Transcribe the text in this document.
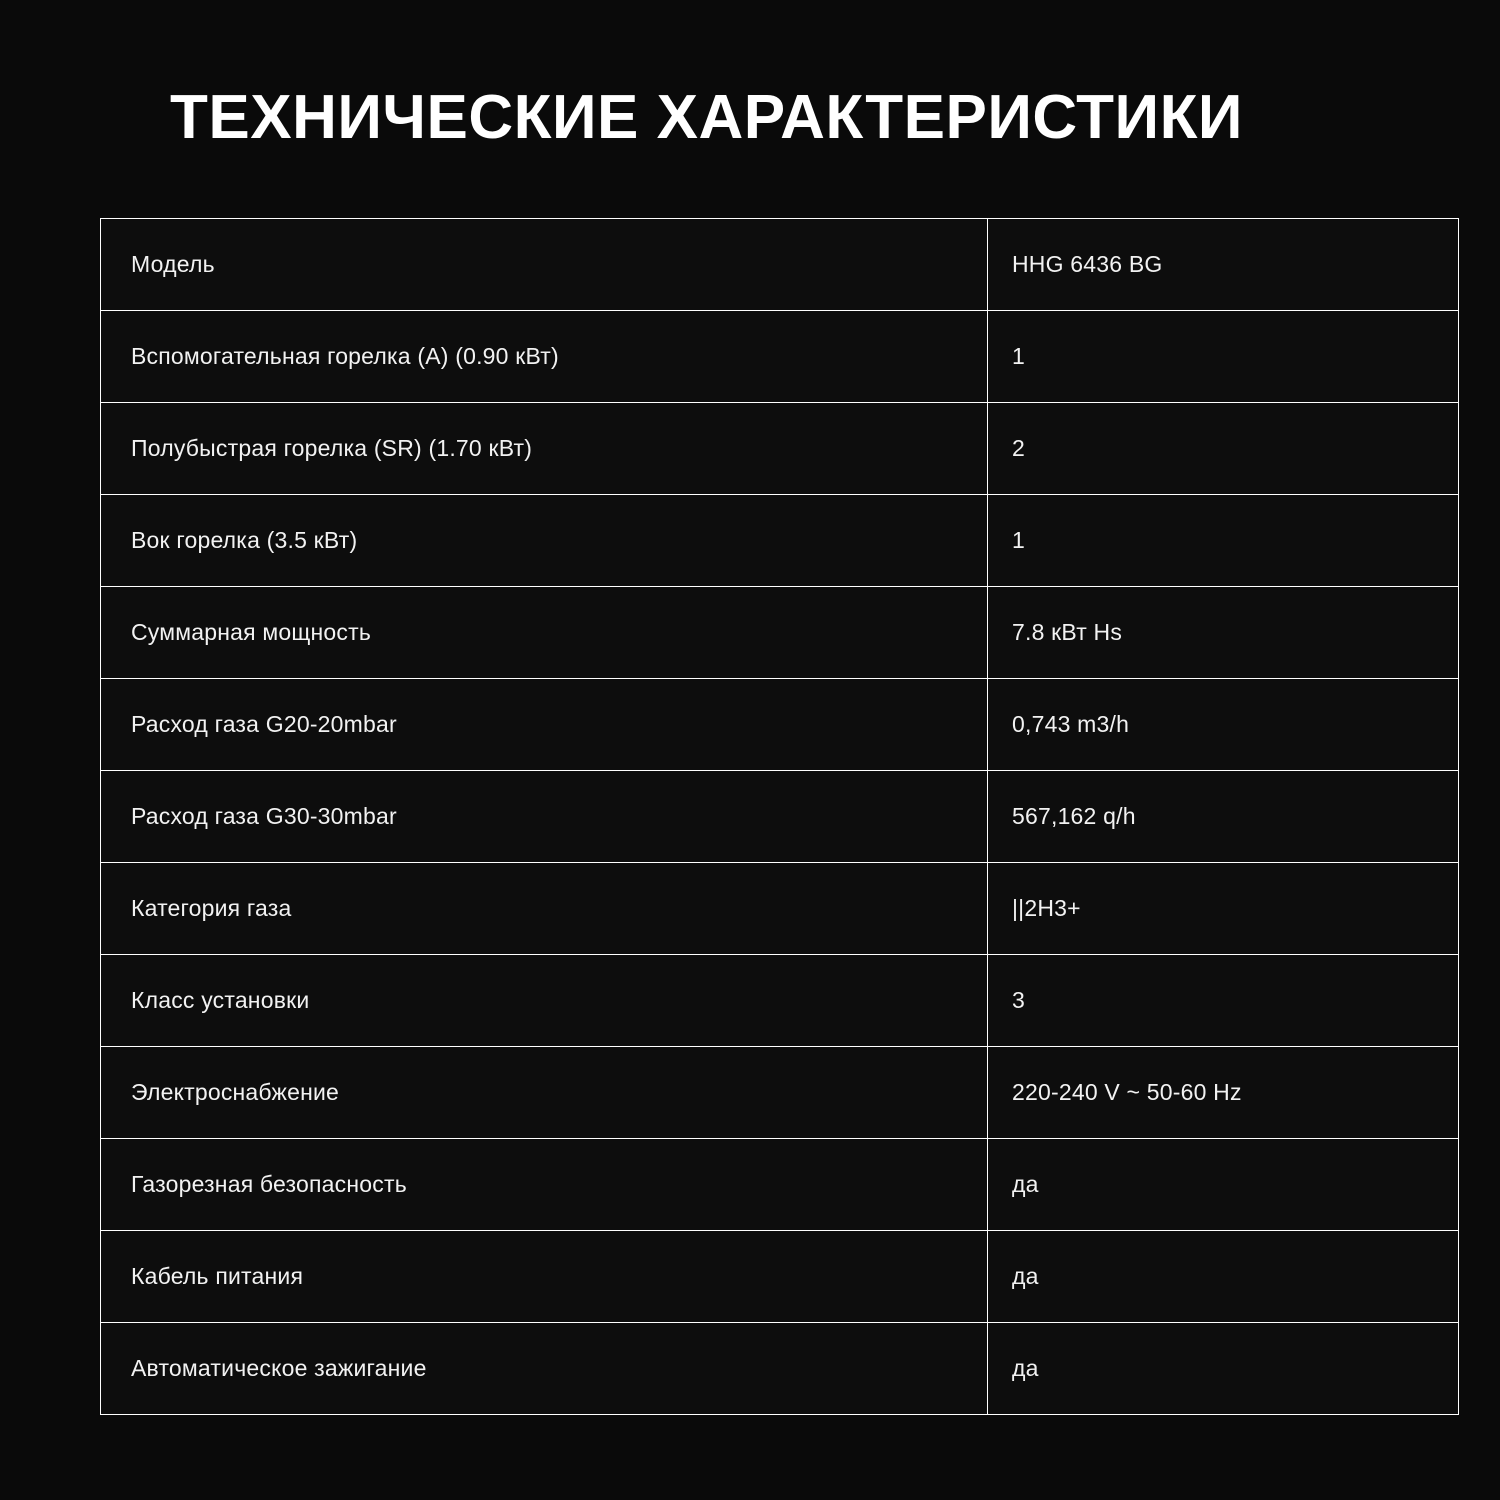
ТЕХНИЧЕСКИЕ ХАРАКТЕРИСТИКИ
Модель	HHG 6436 BG
Вспомогательная горелка (A) (0.90 кВт)	1
Полубыстрая горелка (SR) (1.70 кВт)	2
Вок горелка (3.5 кВт)	1
Суммарная мощность	7.8 кВт Hs
Расход газа G20-20mbar	0,743 m3/h
Расход газа G30-30mbar	567,162 q/h
Категория газа	||2H3+
Класс установки	3
Электроснабжение	220-240 V ~ 50-60 Hz
Газорезная безопасность	да
Кабель питания	да
Автоматическое зажигание	да
